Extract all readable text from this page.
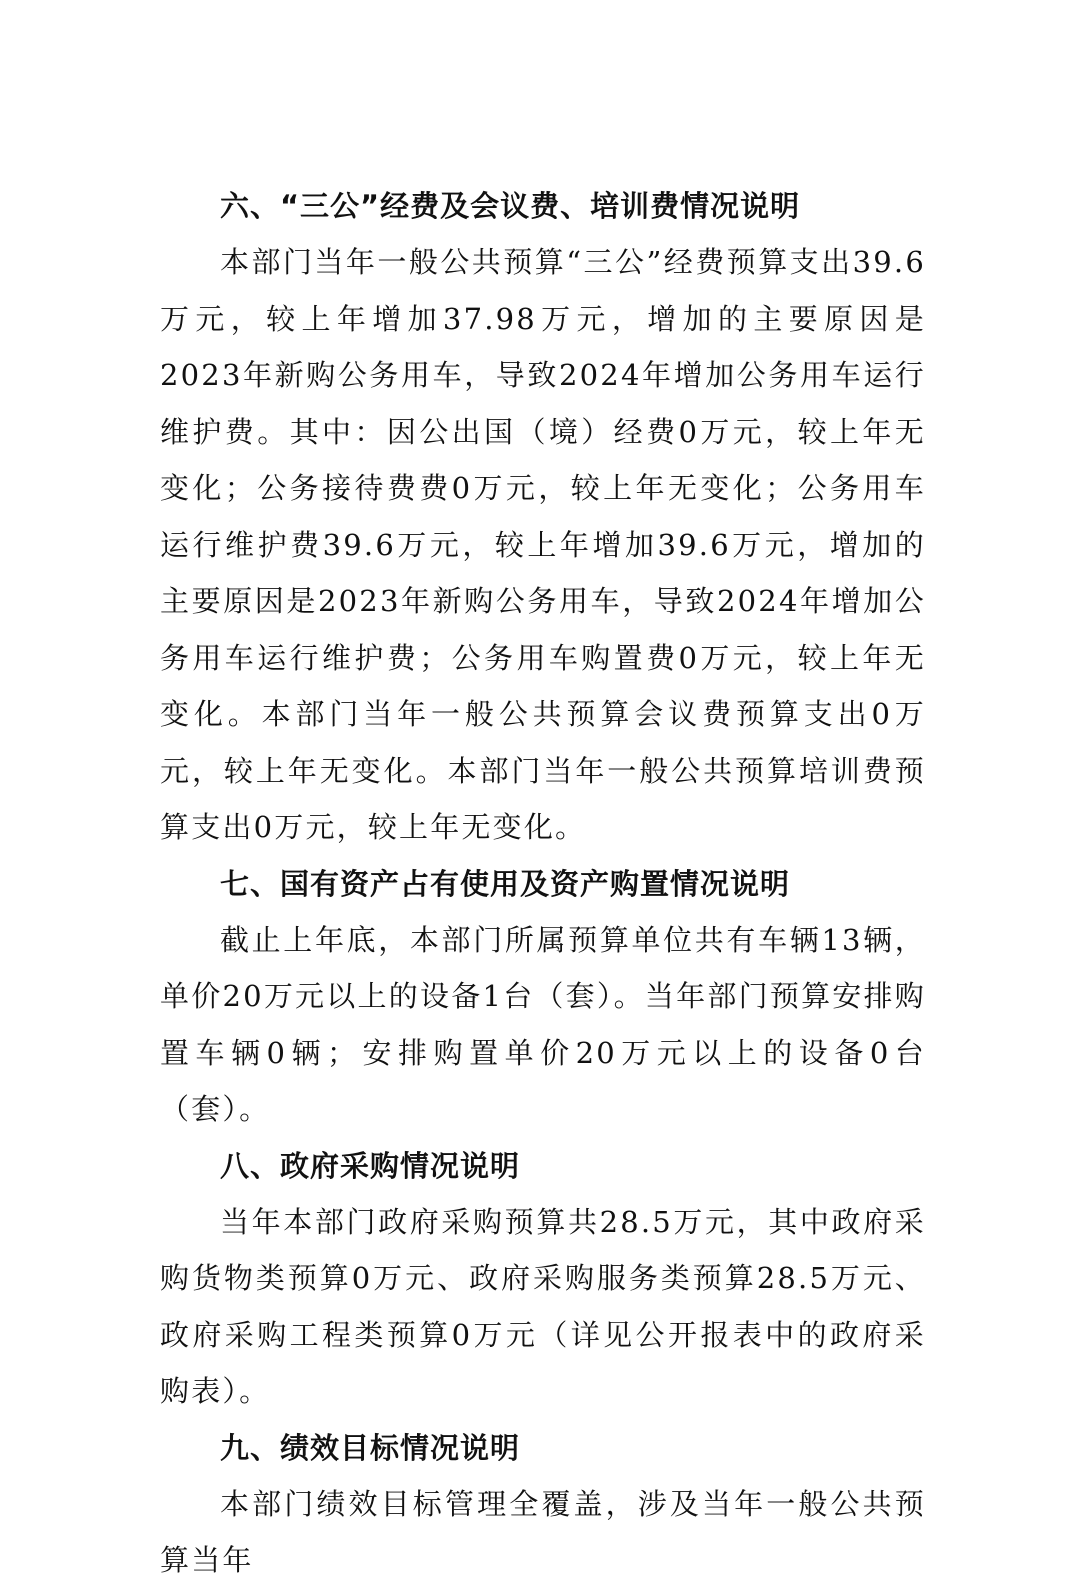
六、“三公”经费及会议费、培训费情况说明

本部门当年一般公共预算“三公”经费预算支出39.6万元，较上年增加37.98万元，增加的主要原因是2023年新购公务用车，导致2024年增加公务用车运行维护费。其中：因公出国（境）经费0万元，较上年无变化；公务接待费费0万元，较上年无变化；公务用车运行维护费39.6万元，较上年增加39.6万元，增加的主要原因是2023年新购公务用车，导致2024年增加公务用车运行维护费；公务用车购置费0万元，较上年无变化。本部门当年一般公共预算会议费预算支出0万元，较上年无变化。本部门当年一般公共预算培训费预算支出0万元，较上年无变化。

七、国有资产占有使用及资产购置情况说明

截止上年底，本部门所属预算单位共有车辆13辆，单价20万元以上的设备1台（套）。当年部门预算安排购置车辆0辆；安排购置单价20万元以上的设备0台（套）。

八、政府采购情况说明

当年本部门政府采购预算共28.5万元，其中政府采购货物类预算0万元、政府采购服务类预算28.5万元、政府采购工程类预算0万元（详见公开报表中的政府采购表）。

九、绩效目标情况说明

本部门绩效目标管理全覆盖，涉及当年一般公共预算当年
